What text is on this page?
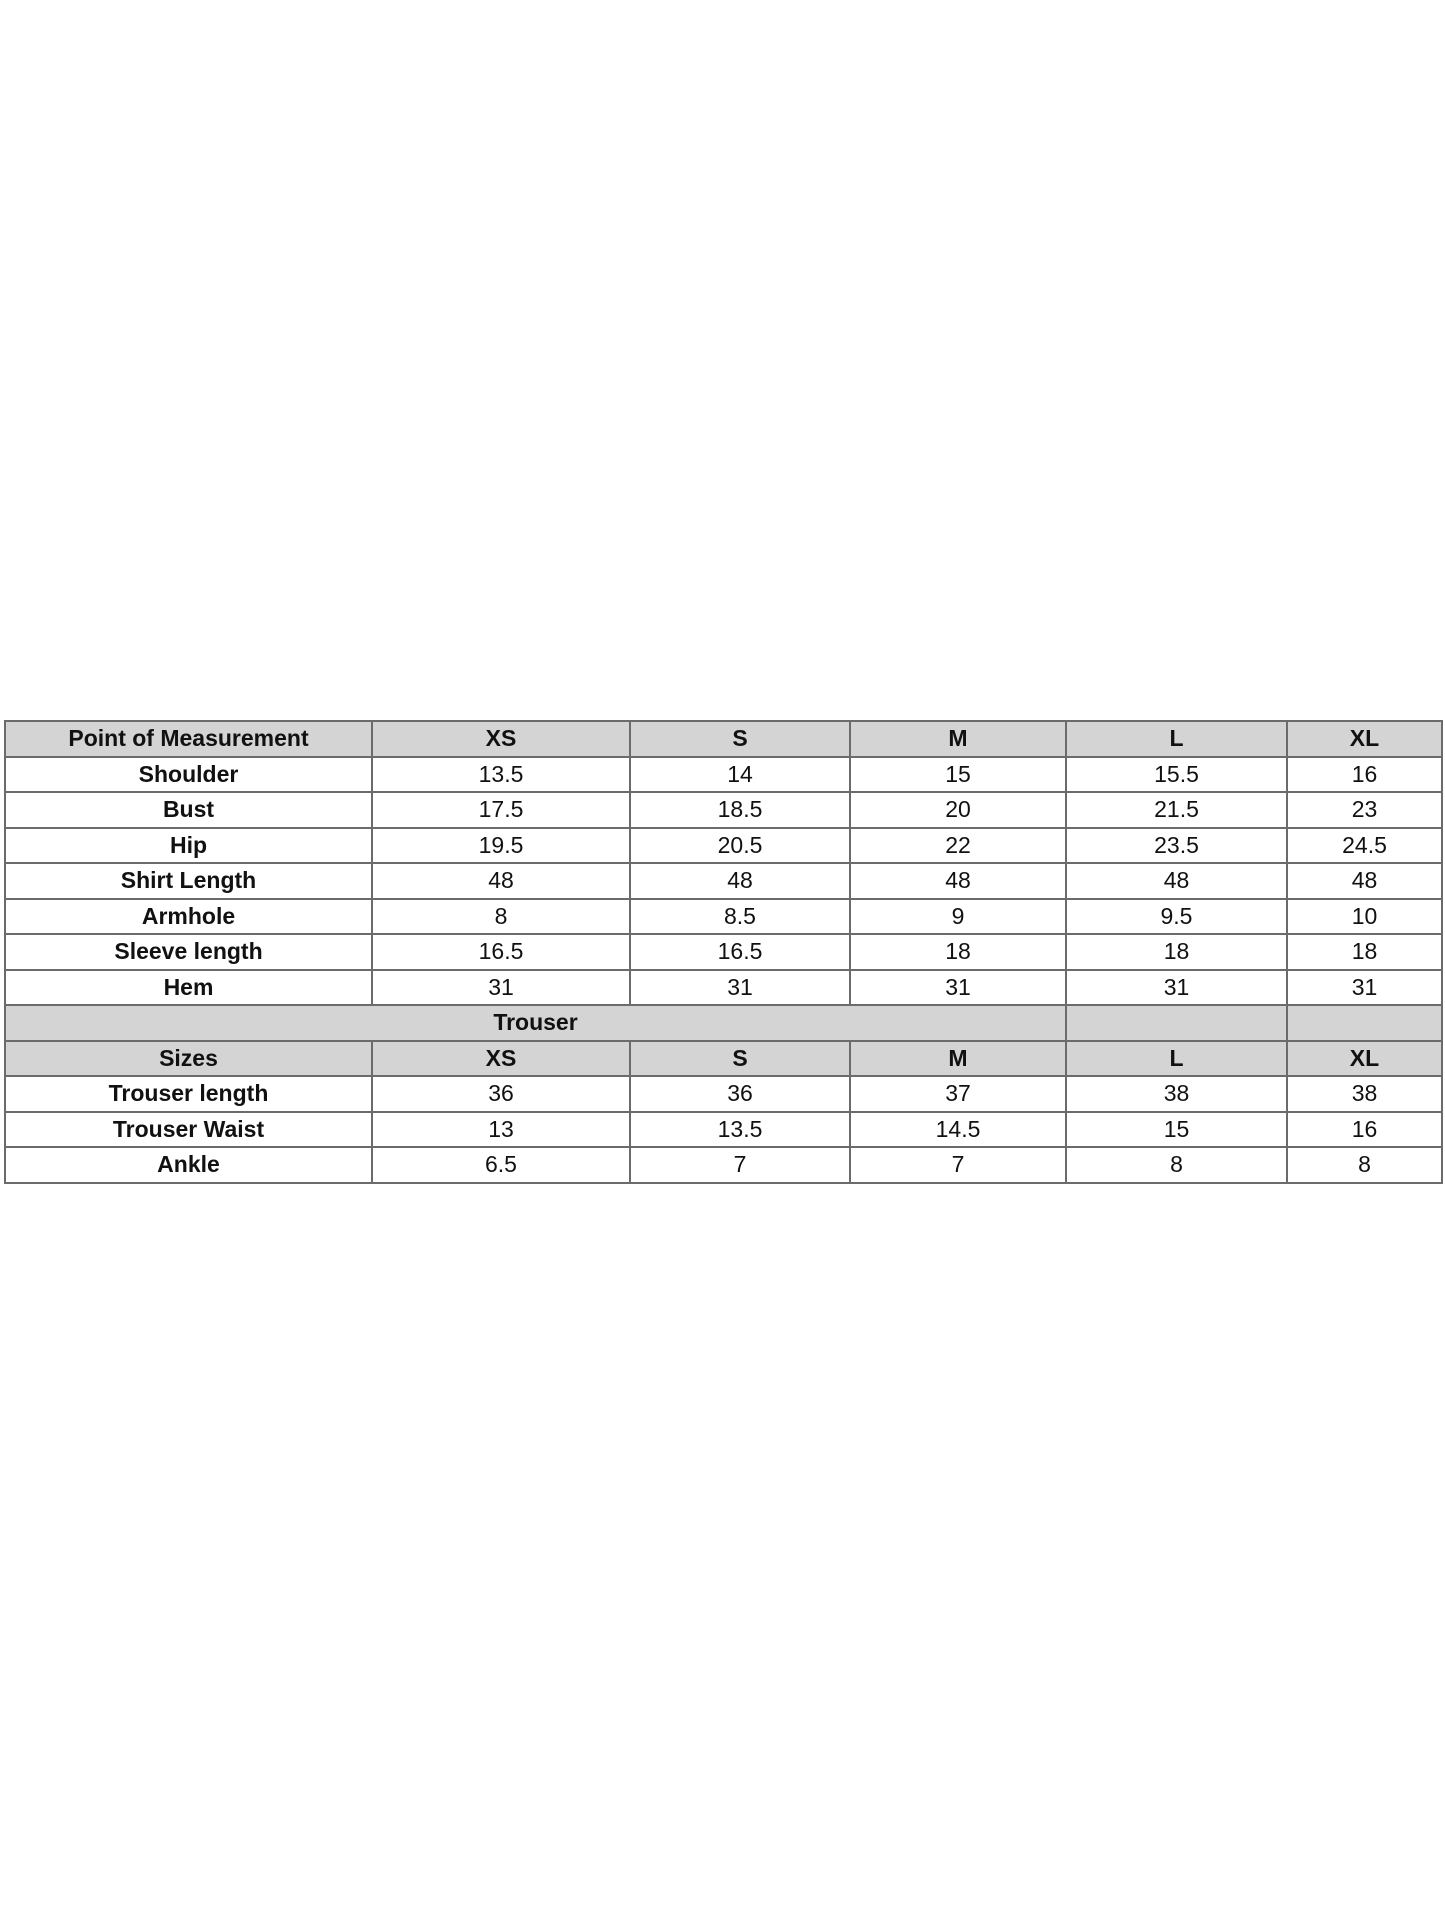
Point of Measurement	XS	S	M	L	XL
Shoulder	13.5	14	15	15.5	16
Bust	17.5	18.5	20	21.5	23
Hip	19.5	20.5	22	23.5	24.5
Shirt Length	48	48	48	48	48
Armhole	8	8.5	9	9.5	10
Sleeve length	16.5	16.5	18	18	18
Hem	31	31	31	31	31
Trouser					
Sizes	XS	S	M	L	XL
Trouser length	36	36	37	38	38
Trouser Waist	13	13.5	14.5	15	16
Ankle	6.5	7	7	8	8
